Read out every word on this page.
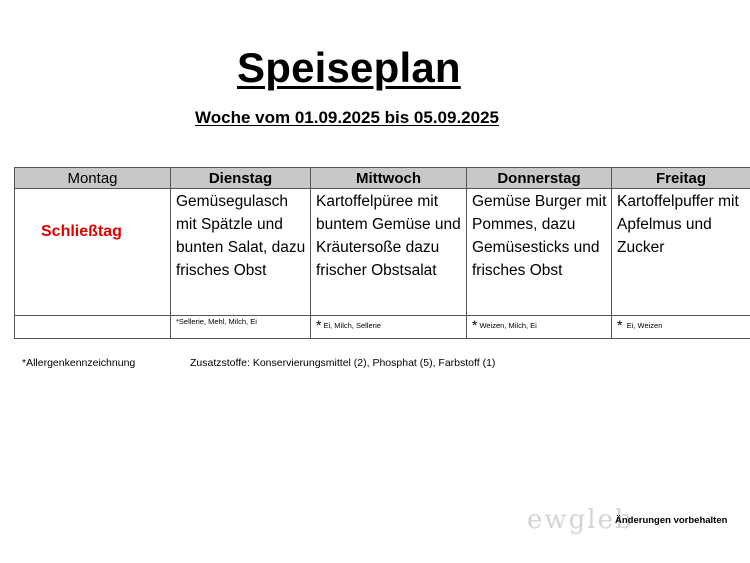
Speiseplan
Woche vom 01.09.2025 bis 05.09.2025
Montag	Dienstag	Mittwoch	Donnerstag	Freitag

Schließtag	Gemüsegulasch mit Spätzle und bunten Salat, dazu frisches Obst	Kartoffelpüree mit buntem Gemüse und Kräutersoße dazu frischer Obstsalat	Gemüse Burger mit Pommes, dazu Gemüsesticks und frisches Obst	Kartoffelpuffer mit Apfelmus und Zucker
	*Sellerie, Mehl, Milch, Ei	* Ei, Milch, Sellerie	* Weizen, Milch, Ei	* Ei, Weizen
*Allergenkennzeichnung	Zusatzstoffe: Konservierungsmittel (2), Phosphat (5), Farbstoff (1)
ewgleb
Änderungen vorbehalten
